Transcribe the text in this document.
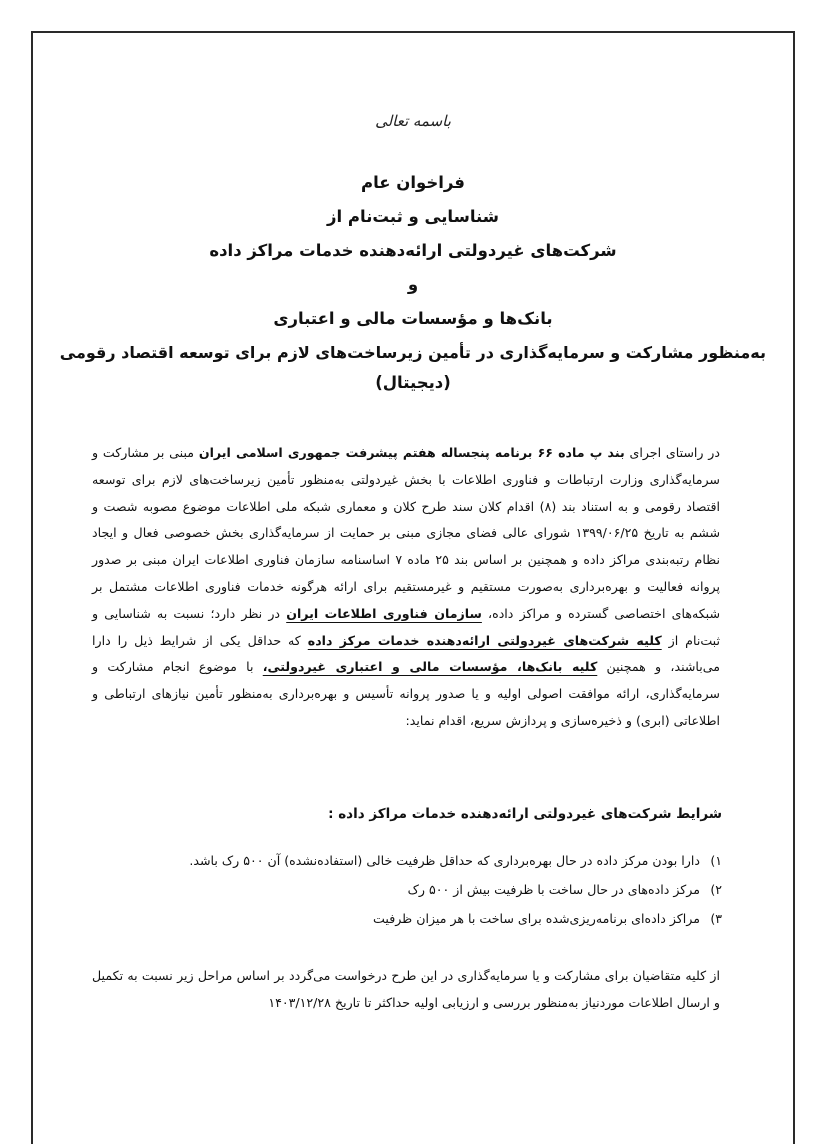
باسمه تعالی
فراخوان عام
شناسایی و ثبت‌نام از
شرکت‌های غیردولتی ارائه‌دهنده خدمات مراکز داده
و
بانک‌ها و مؤسسات مالی و اعتباری
به‌منظور مشارکت و سرمایه‌گذاری در تأمین زیرساخت‌های لازم برای توسعه اقتصاد رقومی
(دیجیتال)
در راستای اجرای بند پ ماده ۶۶ برنامه پنجساله هفتم پیشرفت جمهوری اسلامی ایران مبنی بر مشارکت و سرمایه‌گذاری وزارت ارتباطات و فناوری اطلاعات با بخش غیردولتی به‌منظور تأمین زیرساخت‌های لازم برای توسعه اقتصاد رقومی و به استناد بند (۸) اقدام کلان سند طرح کلان و معماری شبکه ملی اطلاعات موضوع مصوبه شصت و ششم به تاریخ ۱۳۹۹/۰۶/۲۵ شورای عالی فضای مجازی مبنی بر حمایت از سرمایه‌گذاری بخش خصوصی فعال و ایجاد نظام رتبه‌بندی مراکز داده و همچنین بر اساس بند ۲۵ ماده ۷ اساسنامه سازمان فناوری اطلاعات ایران مبنی بر صدور پروانه فعالیت و بهره‌برداری به‌صورت مستقیم و غیرمستقیم برای ارائه هرگونه خدمات فناوری اطلاعات مشتمل بر شبکه‌های اختصاصی گسترده و مراکز داده، سازمان فناوری اطلاعات ایران در نظر دارد؛ نسبت به شناسایی و ثبت‌نام از کلیه شرکت‌های غیردولتی ارائه‌دهنده خدمات مرکز داده که حداقل یکی از شرایط ذیل را دارا می‌باشند، و همچنین کلیه بانک‌ها، مؤسسات مالی و اعتباری غیردولتی، با موضوع انجام مشارکت و سرمایه‌گذاری، ارائه موافقت اصولی اولیه و یا صدور پروانه تأسیس و بهره‌برداری به‌منظور تأمین نیازهای ارتباطی و اطلاعاتی (ابری) و ذخیره‌سازی و پردازش سریع، اقدام نماید:
شرایط شرکت‌های غیردولتی ارائه‌دهنده خدمات مراکز داده :
۱)دارا بودن مرکز داده در حال بهره‌برداری که حداقل ظرفیت خالی (استفاده‌نشده) آن ۵۰۰ رک باشد.
۲)مرکز داده‌های در حال ساخت با ظرفیت بیش از ۵۰۰ رک
۳)مراکز داده‌ای برنامه‌ریزی‌شده برای ساخت با هر میزان ظرفیت
از کلیه متقاضیان برای مشارکت و یا سرمایه‌گذاری در این طرح درخواست می‌گردد بر اساس مراحل زیر نسبت به تکمیل و ارسال اطلاعات موردنیاز به‌منظور بررسی و ارزیابی اولیه حداکثر تا تاریخ ۱۴۰۳/۱۲/۲۸
